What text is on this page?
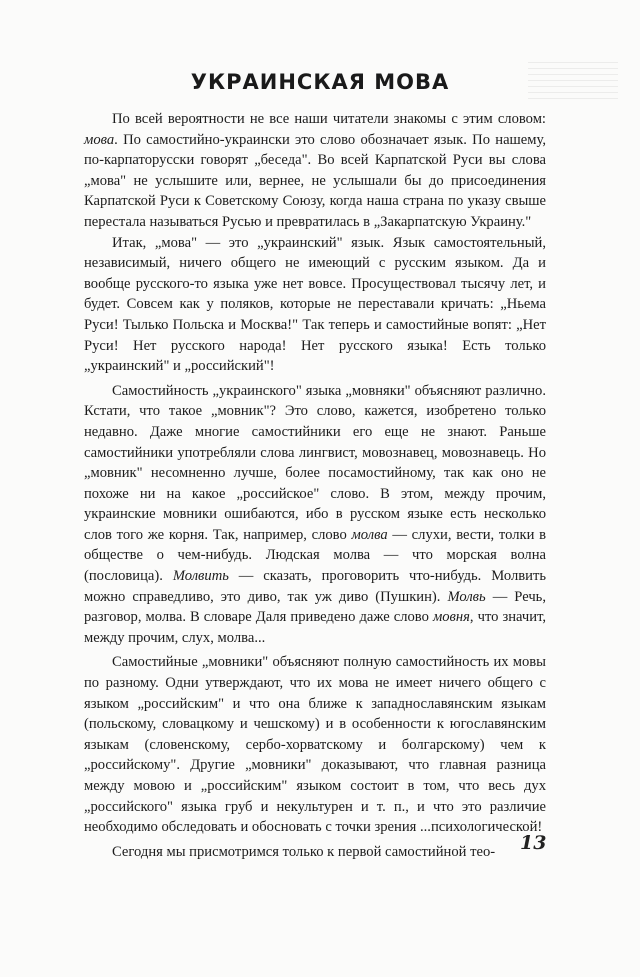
УКРАИНСКАЯ МОВА

По всей вероятности не все наши читатели знакомы с этим словом: мова. По самостийно-украински это слово обозначает язык. По нашему, по-карпаторусски говорят „беседа". Во всей Карпатской Руси вы слова „мова" не услышите или, вернее, не услышали бы до присоединения Карпатской Руси к Советскому Союзу, когда наша страна по указу свыше перестала называться Русью и превратилась в „Закарпатскую Украину."

Итак, „мова" — это „украинский" язык. Язык самостоятельный, независимый, ничего общего не имеющий с русским языком. Да и вообще русского-то языка уже нет вовсе. Просуществовал тысячу лет, и будет. Совсем как у поляков, которые не переставали кричать: „Ньема Руси! Тылько Польска и Москва!" Так теперь и самостийные вопят: „Нет Руси! Нет русского народа! Нет русского языка! Есть только „украинский" и „российский"!

Самостийность „украинского" языка „мовняки" объясняют различно. Кстати, что такое „мовник"? Это слово, кажется, изобретено только недавно. Даже многие самостийники его еще не знают. Раньше самостийники употребляли слова лингвист, мовознавец, мовознавець. Но „мовник" несомненно лучше, более посамостийному, так как оно не похоже ни на какое „российское" слово. В этом, между прочим, украинские мовники ошибаются, ибо в русском языке есть несколько слов того же корня. Так, например, слово молва — слухи, вести, толки в обществе о чем-нибудь. Людская молва — что морская волна (пословица). Молвить — сказать, проговорить что-нибудь. Молвить можно справедливо, это диво, так уж диво (Пушкин). Молвь — Речь, разговор, молва. В словаре Даля приведено даже слово мовня, что значит, между прочим, слух, молва...

Самостийные „мовники" объясняют полную самостийность их мовы по разному. Одни утверждают, что их мова не имеет ничего общего с языком „российским" и что она ближе к западнославянским языкам (польскому, словацкому и чешскому) и в особенности к югославянским языкам (словенскому, сербо-хорватскому и болгарскому) чем к „российскому". Другие „мовники" доказывают, что главная разница между мовою и „российским" языком состоит в том, что весь дух „российского" языка груб и некультурен и т. п., и что это различие необходимо обследовать и обосновать с точки зрения ...психологической!

Сегодня мы присмотримся только к первой самостийной тео-	13
